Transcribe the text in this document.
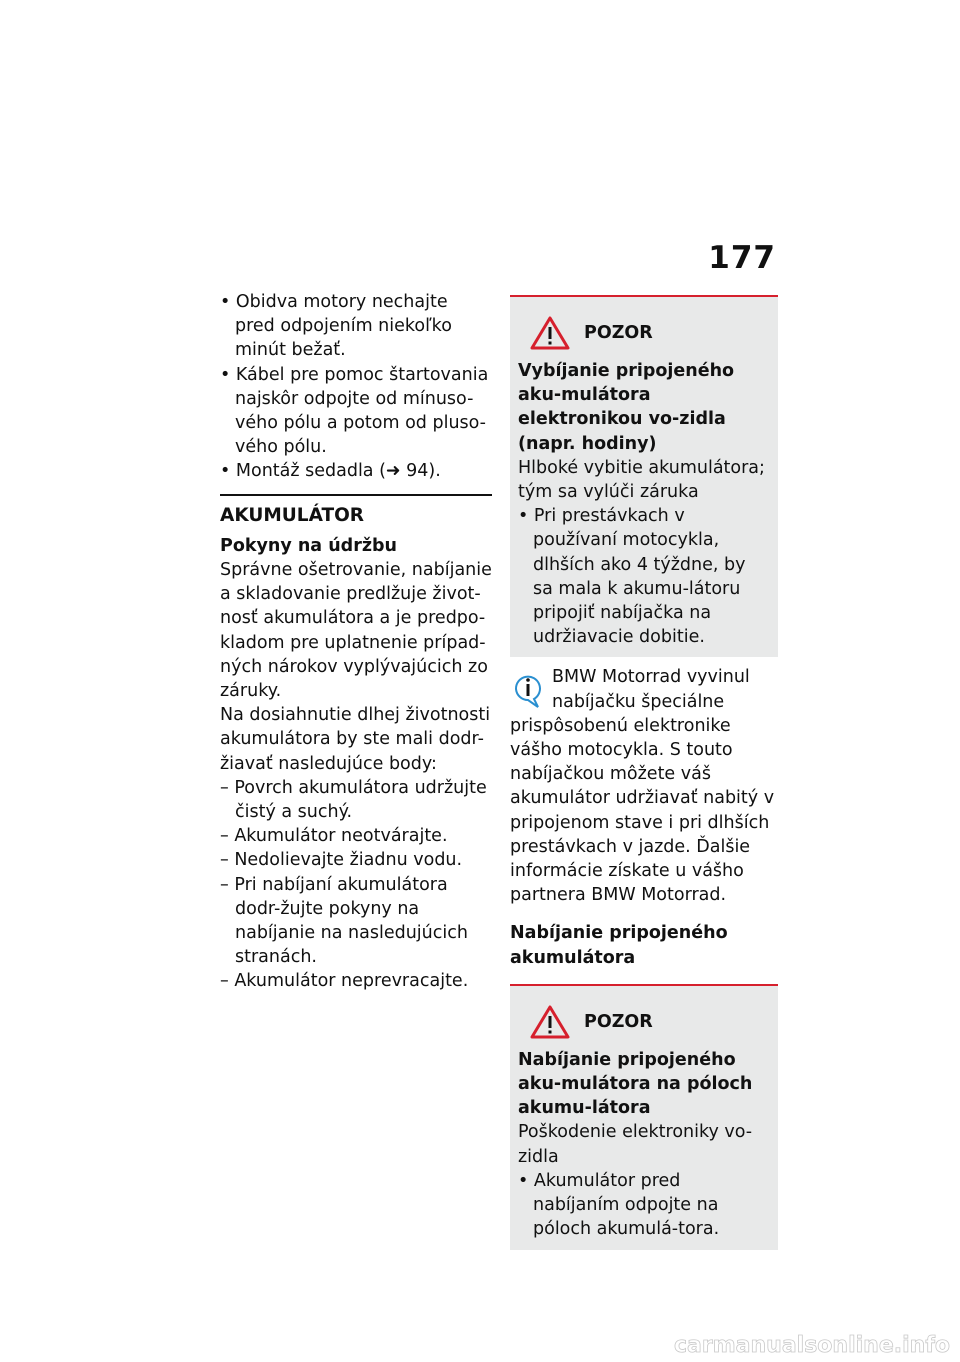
177
• Obidva motory nechajte pred odpojením niekoľko minút bežať.
• Kábel pre pomoc štartovania najskôr odpojte od mínuso-vého pólu a potom od pluso-vého pólu.
• Montáž sedadla (➜ 94).
AKUMULÁTOR
Pokyny na údržbu
Správne ošetrovanie, nabíjanie a skladovanie predlžuje život-nosť akumulátora a je predpo-kladom pre uplatnenie prípad-ných nárokov vyplývajúcich zo záruky.
Na dosiahnutie dlhej životnosti akumulátora by ste mali dodr-žiavať nasledujúce body:
– Povrch akumulátora udržujte čistý a suchý.
– Akumulátor neotvárajte.
– Nedolievajte žiadnu vodu.
– Pri nabíjaní akumulátora dodr-žujte pokyny na nabíjanie na nasledujúcich stranách.
– Akumulátor neprevracajte.
POZOR
Vybíjanie pripojeného aku-mulátora elektronikou vo-zidla (napr. hodiny)
Hlboké vybitie akumulátora; tým sa vylúči záruka
• Pri prestávkach v používaní motocykla, dlhších ako 4 týždne, by sa mala k akumu-látoru pripojiť nabíjačka na udržiavacie dobitie.
BMW Motorrad vyvinul nabíjačku špeciálne prispôsobenú elektronike vášho motocykla. S touto nabíjačkou môžete váš akumulátor udržiavať nabitý v pripojenom stave i pri dlhších prestávkach v jazde. Ďalšie informácie získate u vášho partnera BMW Motorrad.
Nabíjanie pripojeného akumulátora
POZOR
Nabíjanie pripojeného aku-mulátora na póloch akumu-látora
Poškodenie elektroniky vo-zidla
• Akumulátor pred nabíjaním odpojte na póloch akumulá-tora.
carmanualsonline.info
